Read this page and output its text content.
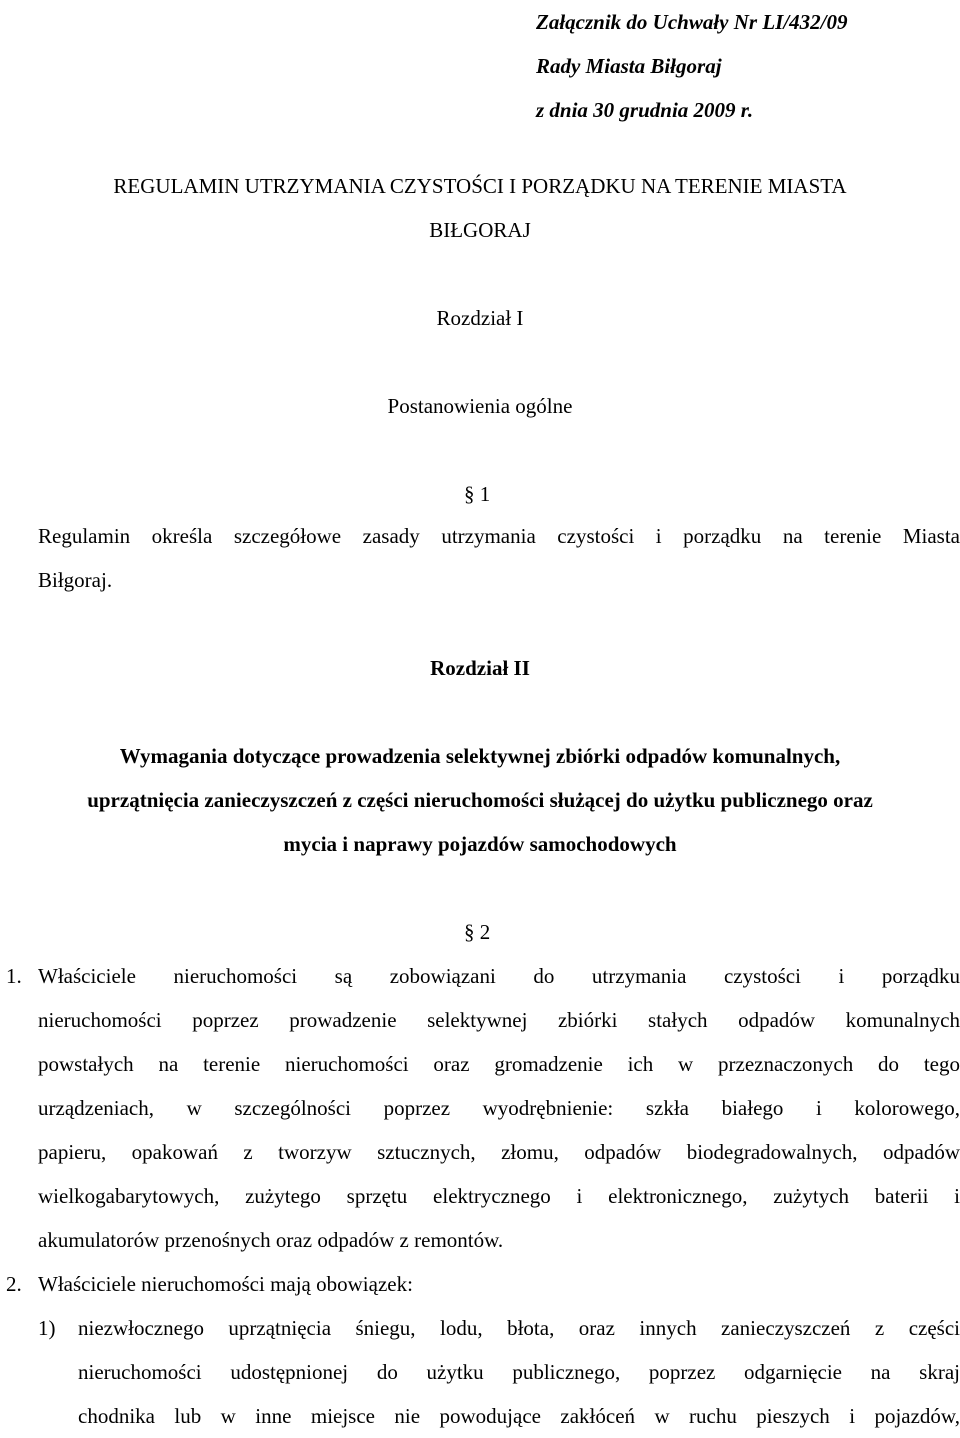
Załącznik do Uchwały Nr LI/432/09
Rady Miasta Biłgoraj
z dnia 30 grudnia 2009 r.
REGULAMIN UTRZYMANIA CZYSTOŚCI I PORZĄDKU NA TERENIE MIASTA
BIŁGORAJ
Rozdział I
Postanowienia ogólne
§ 1
Regulamin określa szczegółowe zasady utrzymania czystości i porządku na terenie Miasta
Biłgoraj.
Rozdział II
Wymagania dotyczące prowadzenia selektywnej zbiórki odpadów komunalnych,
uprzątnięcia zanieczyszczeń z części nieruchomości służącej do użytku publicznego oraz
mycia i naprawy pojazdów samochodowych
§ 2
1. Właściciele nieruchomości są zobowiązani do utrzymania czystości i porządku
nieruchomości poprzez prowadzenie selektywnej zbiórki stałych odpadów komunalnych
powstałych na terenie nieruchomości oraz gromadzenie ich w przeznaczonych do tego
urządzeniach, w szczególności poprzez wyodrębnienie: szkła białego i kolorowego,
papieru, opakowań z tworzyw sztucznych, złomu, odpadów biodegradowalnych, odpadów
wielkogabarytowych, zużytego sprzętu elektrycznego i elektronicznego, zużytych baterii i
akumulatorów przenośnych oraz odpadów z remontów.
2. Właściciele nieruchomości mają obowiązek:
1) niezwłocznego uprzątnięcia śniegu, lodu, błota, oraz innych zanieczyszczeń z części
nieruchomości udostępnionej do użytku publicznego, poprzez odgarnięcie na skraj
chodnika lub w inne miejsce nie powodujące zakłóceń w ruchu pieszych i pojazdów,
